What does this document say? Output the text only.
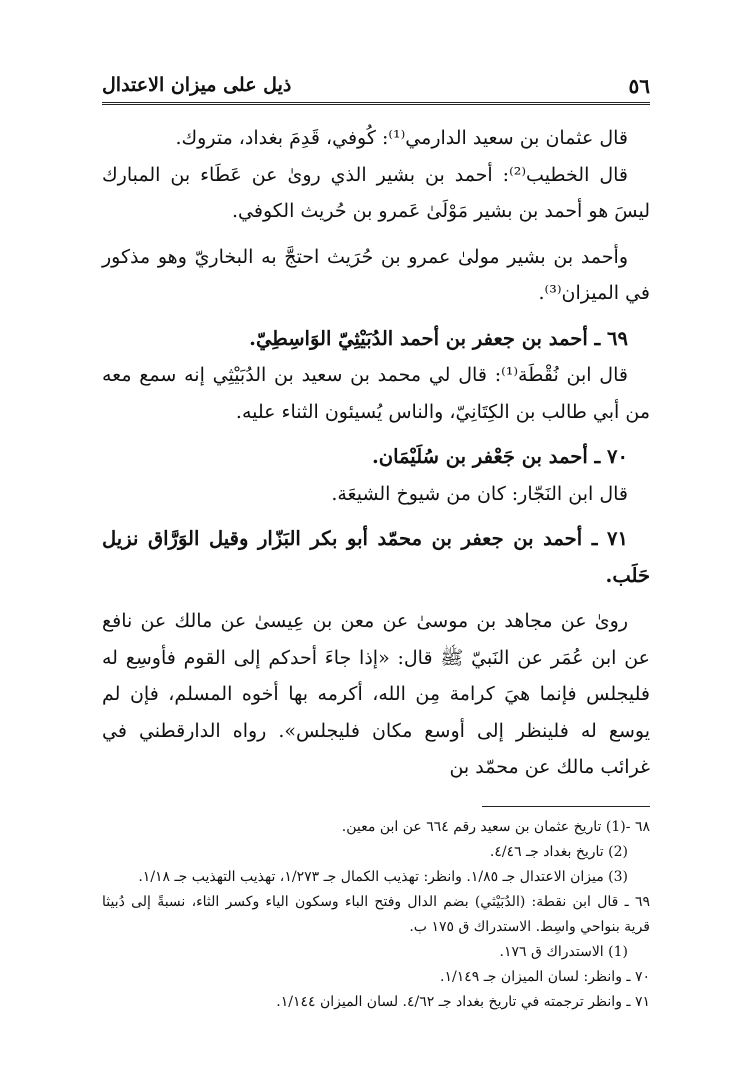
٥٦
ذيل على ميزان الاعتدال

قال عثمان بن سعيد الدارمي⁽¹⁾: كُوفي، قَدِمَ بغداد، متروك.

قال الخطيب⁽²⁾: أحمد بن بشير الذي روىٰ عن عَطَاء بن المبارك ليسَ هو أحمد بن بشير مَوْلَىٰ عَمرو بن حُريث الكوفي.

وأحمد بن بشير مولىٰ عمرو بن حُرَيث احتجَّ به البخاريّ وهو مذكور في الميزان⁽³⁾.

٦٩ ـ أحمد بن جعفر بن أحمد الدُبَيْثِيّ الوَاسِطِيّ.

قال ابن نُقْطَة⁽¹⁾: قال لي محمد بن سعيد بن الدُبَيْثِي إنه سمع معه من أبي طالب بن الكِتَانِيّ، والناس يُسيئون الثناء عليه.

٧٠ ـ أحمد بن جَعْفر بن سُلَيْمَان.

قال ابن النَجّار: كان من شيوخ الشيعَة.

٧١ ـ أحمد بن جعفر بن محمّد أبو بكر البَزّار وقيل الوَرَّاق نزيل حَلَب.

روىٰ عن مجاهد بن موسىٰ عن معن بن عِيسىٰ عن مالك عن نافع عن ابن عُمَر عن النَبيّ ﷺ قال: «إذا جاءَ أحدكم إلى القوم فأوسِع له فليجلس فإنما هيَ كرامة مِن الله، أكرمه بها أخوه المسلم، فإن لم يوسع له فلينظر إلى أوسع مكان فليجلس». رواه الدارقطني في غرائب مالك عن محمّد بن

٦٨ -(1) تاريخ عثمان بن سعيد رقم ٦٦٤ عن ابن معين.

(2) تاريخ بغداد جـ ٤/٤٦.

(3) ميزان الاعتدال جـ ١/٨٥. وانظر: تهذيب الكمال جـ ١/٢٧٣، تهذيب التهذيب جـ ١/١٨.

٦٩ ـ قال ابن نقطة: (الدُبَيْثي) بضم الدال وفتح الباء وسكون الياء وكسر الثاء، نسبةً إلى دُبيثا قرية بنواحي واسِط. الاستدراك ق ١٧٥ ب.

(1) الاستدراك ق ١٧٦.

٧٠ ـ وانظر: لسان الميزان جـ ١/١٤٩.

٧١ ـ وانظر ترجمته في تاريخ بغداد جـ ٤/٦٢. لسان الميزان ١/١٤٤.
